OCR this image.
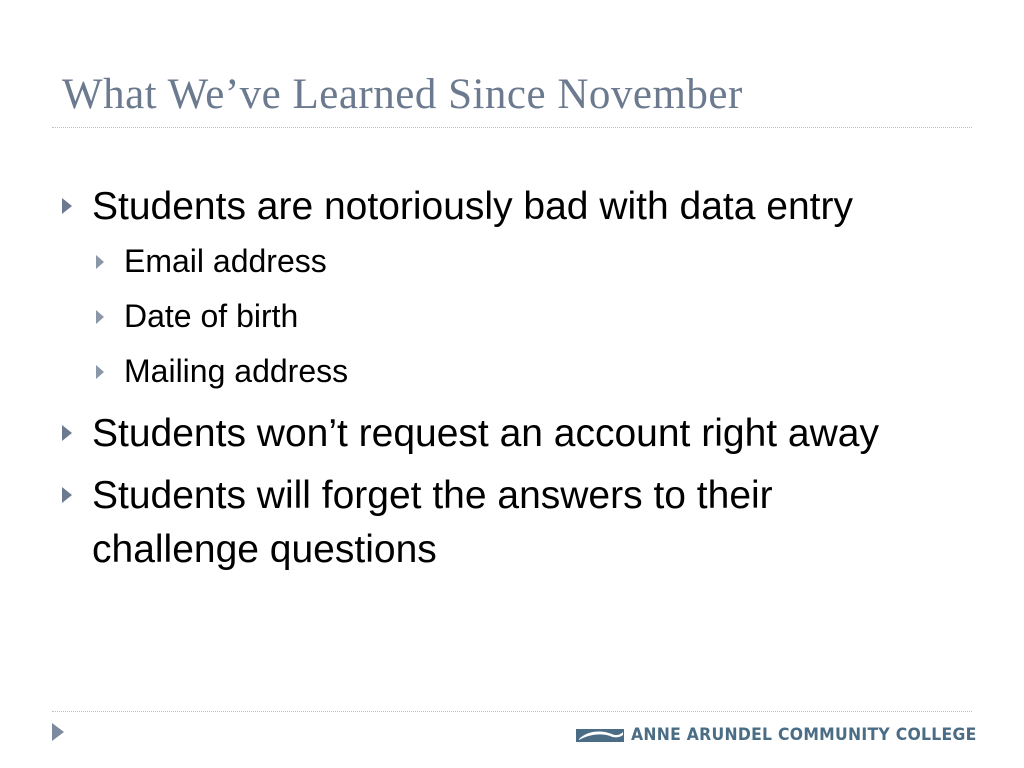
What We’ve Learned Since November
Students are notoriously bad with data entry
Email address
Date of birth
Mailing address
Students won’t request an account right away
Students will forget the answers to their challenge questions
ANNE ARUNDEL COMMUNITY COLLEGE
